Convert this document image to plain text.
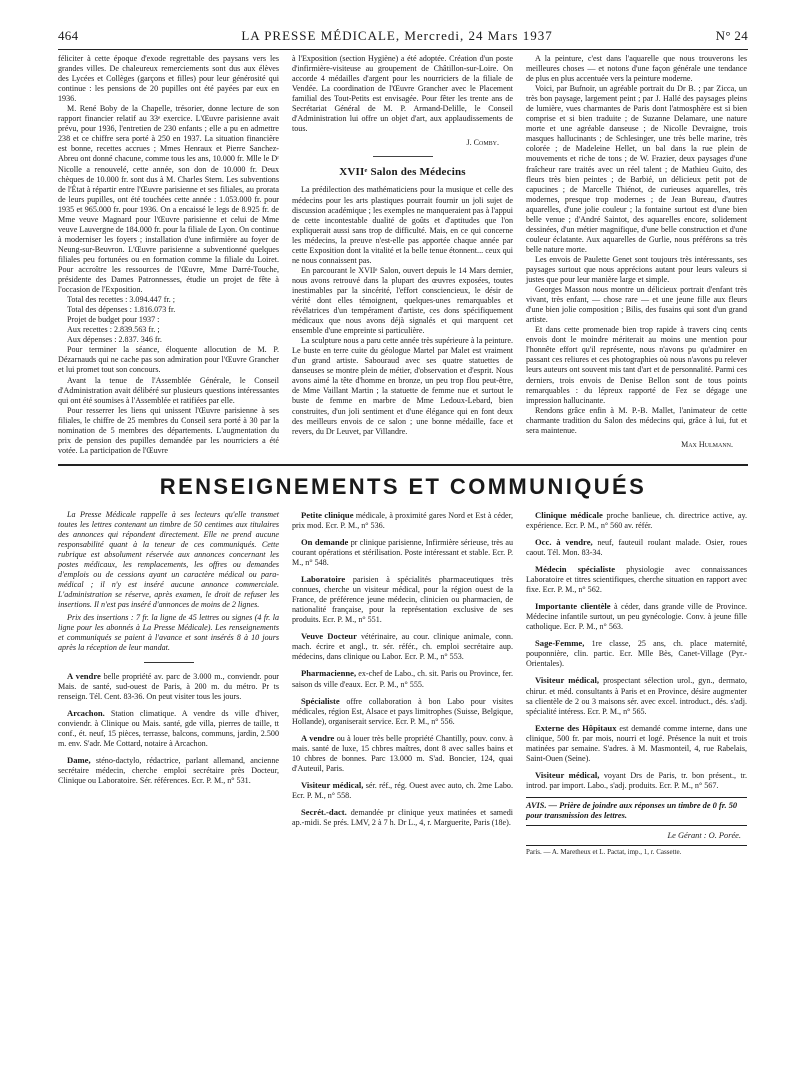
464	LA PRESSE MÉDICALE, Mercredi, 24 Mars 1937	N° 24

féliciter à cette époque d'exode regrettable des paysans vers les grandes villes. De chaleureux remerciements sont dus aux élèves des Lycées et Collèges (garçons et filles) pour leur générosité qui continue : les pensions de 20 pupilles ont été payées par eux en 1936.

M. René Boby de la Chapelle, trésorier, donne lecture de son rapport financier relatif au 33ᵉ exercice. L'Œuvre parisienne avait prévu, pour 1936, l'entretien de 230 enfants ; elle a pu en admettre 238 et ce chiffre sera porté à 250 en 1937. La situation financière est bonne, recettes accrues ; Mmes Henraux et Pierre Sanchez-Abreu ont donné chacune, comme tous les ans, 10.000 fr. Mlle le Dʳ Nicolle a renouvelé, cette année, son don de 10.000 fr. Deux chèques de 10.000 fr. sont dus à M. Charles Stern. Les subventions de l'État à répartir entre l'Œuvre parisienne et ses filiales, au prorata de leurs pupilles, ont été touchées cette année : 1.053.000 fr. pour 1935 et 965.000 fr. pour 1936. On a encaissé le legs de 8.925 fr. de Mme veuve Magnard pour l'Œuvre parisienne et celui de Mme veuve Lauvergne de 184.000 fr. pour la filiale de Lyon. On continue à moderniser les foyers ; installation d'une infirmière au foyer de Neung-sur-Beuvron. L'Œuvre parisienne a subventionné quelques filiales peu fortunées ou en formation comme la filiale du Loiret. Pour accroître les ressources de l'Œuvre, Mme Darré-Touche, présidente des Dames Patronnesses, étudie un projet de fête à l'occasion de l'Exposition.

Total des recettes : 3.094.447 fr. ;

Total des dépenses : 1.816.073 fr.

Projet de budget pour 1937 :

Aux recettes : 2.839.563 fr. ;

Aux dépenses : 2.837. 346 fr.

Pour terminer la séance, éloquente allocution de M. P. Dézarnauds qui ne cache pas son admiration pour l'Œuvre Grancher et lui promet tout son concours.

Avant la tenue de l'Assemblée Générale, le Conseil d'Administration avait délibéré sur plusieurs questions intéressantes qui ont été soumises à l'Assemblée et ratifiées par elle.

Pour resserrer les liens qui unissent l'Œuvre parisienne à ses filiales, le chiffre de 25 membres du Conseil sera porté à 30 par la nomination de 5 membres des départements. L'augmentation du prix de pension des pupilles demandée par les nourriciers a été votée. La participation de l'Œuvre

à l'Exposition (section Hygiène) a été adoptée. Création d'un poste d'infirmière-visiteuse au groupement de Châtillon-sur-Loire. On accorde 4 médailles d'argent pour les nourriciers de la filiale de Vendée. La coordination de l'Œuvre Grancher avec le Placement familial des Tout-Petits est envisagée. Pour fêter les trente ans de Secrétariat Général de M. P. Armand-Delille, le Conseil d'Administration lui offre un objet d'art, aux applaudissements de tous.

J. Comby.
XVIIᵉ Salon des Médecins

La prédilection des mathématiciens pour la musique et celle des médecins pour les arts plastiques pourrait fournir un joli sujet de discussion académique ; les exemples ne manqueraient pas à l'appui de cette incontestable dualité de goûts et d'aptitudes que l'on expliquerait aussi sans trop de difficulté. Mais, en ce qui concerne les médecins, la preuve n'est-elle pas apportée chaque année par cette Exposition dont la vitalité et la belle tenue étonnent... ceux qui ne nous connaissent pas.

En parcourant le XVIIᵉ Salon, ouvert depuis le 14 Mars dernier, nous avons retrouvé dans la plupart des œuvres exposées, toutes inestimables par la sincérité, l'effort consciencieux, le désir de vérité dont elles témoignent, quelques-unes remarquables et révélatrices d'un tempérament d'artiste, ces dons spécifiquement médicaux que nous avons déjà signalés et qui marquent cet ensemble d'une empreinte si particulière.

La sculpture nous a paru cette année très supérieure à la peinture. Le buste en terre cuite du géologue Martel par Malet est vraiment d'un grand artiste. Sabouraud avec ses quatre statuettes de danseuses se montre plein de métier, d'observation et d'esprit. Nous avons aimé la tête d'homme en bronze, un peu trop flou peut-être, de Mme Vaillant Martin ; la statuette de femme nue et surtout le buste de femme en marbre de Mme Ledoux-Lebard, bien construites, d'un joli sentiment et d'une élégance qui en font deux des meilleurs envois de ce salon ; une bonne médaille, face et revers, du Dr Leuvet, par Villandre.

A la peinture, c'est dans l'aquarelle que nous trouverons les meilleures choses — et notons d'une façon générale une tendance de plus en plus accentuée vers la peinture moderne.

Voici, par Bufnoir, un agréable portrait du Dr B. ; par Zicca, un très bon paysage, largement peint ; par J. Hallé des paysages pleins de lumière, vues charmantes de Paris dont l'atmosphère est si bien comprise et si bien traduite ; de Suzanne Delamare, une nature morte et une agréable danseuse ; de Nicolle Devraigne, trois masques hallucinants ; de Schlesinger, une très belle marine, très colorée ; de Madeleine Hellet, un bal dans la rue plein de mouvements et riche de tons ; de W. Frazier, deux paysages d'une fraîcheur rare traités avec un réel talent ; de Mathieu Guito, des fleurs très bien peintes ; de Barbié, un délicieux petit pot de capucines ; de Marcelle Thiénot, de curieuses aquarelles, très modernes, presque trop modernes ; de Jean Bureau, d'autres aquarelles, d'une jolie couleur ; la fontaine surtout est d'une bien belle venue ; d'André Saintot, des aquarelles encore, solidement dessinées, d'un métier magnifique, d'une belle construction et d'une couleur éclatante. Aux aquarelles de Gurlie, nous préférons sa très belle nature morte.

Les envois de Paulette Genet sont toujours très intéressants, ses paysages surtout que nous apprécions autant pour leurs valeurs si justes que pour leur manière large et simple.

Georges Masson nous montre un délicieux portrait d'enfant très vivant, très enfant, — chose rare — et une jeune fille aux fleurs d'une bien jolie composition ; Bilis, des fusains qui sont d'un grand artiste.

Et dans cette promenade bien trop rapide à travers cinq cents envois dont le moindre mériterait au moins une mention pour l'honnête effort qu'il représente, nous n'avons pu qu'admirer en passant ces reliures et ces photographies où nous n'avons pu relever leurs auteurs ont souvent mis tant d'art et de personnalité. Parmi ces derniers, trois envois de Denise Bellon sont de tous points remarquables : du lépreux rapporté de Fez se dégage une impression hallucinante.

Rendons grâce enfin à M. P.-B. Mallet, l'animateur de cette charmante tradition du Salon des médecins qui, grâce à lui, fut et sera maintenue.

Max Hulmann.
RENSEIGNEMENTS ET COMMUNIQUÉS

La Presse Médicale rappelle à ses lecteurs qu'elle transmet toutes les lettres contenant un timbre de 50 centimes aux titulaires des annonces qui répondent directement. Elle ne prend aucune responsabilité quant à la teneur de ces communiqués. Cette rubrique est absolument réservée aux annonces concernant les postes médicaux, les remplacements, les offres ou demandes d'emplois ou de cessions ayant un caractère médical ou para-médical ; il n'y est inséré aucune annonce commerciale. L'administration se réserve, après examen, le droit de refuser les insertions. Il n'est pas inséré d'annonces de moins de 2 lignes.

Prix des insertions : 7 fr. la ligne de 45 lettres ou signes (4 fr. la ligne pour les abonnés à La Presse Médicale). Les renseignements et communiqués se paient à l'avance et sont insérés 8 à 10 jours après la réception de leur mandat.

A vendre belle propriété av. parc de 3.000 m., conviendr. pour Mais. de santé, sud-ouest de Paris, à 200 m. du métro. Pr ts renseign. Tél. Cent. 83-36. On peut visiter tous les jours.
Arcachon. Station climatique. A vendre ds ville d'hiver, conviendr. à Clinique ou Mais. santé, gde villa, pierres de taille, tt conf., ét. neuf, 15 pièces, terrasse, balcons, communs, jardin, 2.500 m. env. S'adr. Me Cottard, notaire à Arcachon.
Dame, sténo-dactylo, rédactrice, parlant allemand, ancienne secrétaire médecin, cherche emploi secrétaire près Docteur, Clinique ou Laboratoire. Sér. références. Ecr. P. M., n° 531.
Petite clinique médicale, à proximité gares Nord et Est à céder, prix mod. Ecr. P. M., n° 536.
On demande pr clinique parisienne, Infirmière sérieuse, très au courant opérations et stérilisation. Poste intéressant et stable. Ecr. P. M., n° 548.
Laboratoire parisien à spécialités pharmaceutiques très connues, cherche un visiteur médical, pour la région ouest de la France, de préférence jeune médecin, clinicien ou pharmacien, de nationalité française, pour la représentation exclusive de ses produits. Ecr. P. M., n° 551.
Veuve Docteur vétérinaire, au cour. clinique animale, conn. mach. écrire et angl., tr. sér. référ., ch. emploi secrétaire aup. médecins, dans clinique ou Labor. Ecr. P. M., n° 553.
Pharmacienne, ex-chef de Labo., ch. sit. Paris ou Province, fer. saison ds ville d'eaux. Ecr. P. M., n° 555.
Spécialiste offre collaboration à bon Labo pour visites médicales, région Est, Alsace et pays limitrophes (Suisse, Belgique, Hollande), organiserait service. Ecr. P. M., n° 556.
A vendre ou à louer très belle propriété Chantilly, pouv. conv. à mais. santé de luxe, 15 chbres maîtres, dont 8 avec salles bains et 10 chbres de bonnes. Parc 13.000 m. S'ad. Boncier, 124, quai d'Auteuil, Paris.
Visiteur médical, sér. réf., rég. Ouest avec auto, ch. 2me Labo. Ecr. P. M., n° 558.
Secrét.-dact. demandée pr clinique yeux matinées et samedi ap.-midi. Se prés. LMV, 2 à 7 h. Dr L., 4, r. Marguerite, Paris (18e).
Clinique médicale proche banlieue, ch. directrice active, ay. expérience. Ecr. P. M., n° 560 av. référ.
Occ. à vendre, neuf, fauteuil roulant malade. Osier, roues caout. Tél. Mon. 83-34.
Médecin spécialiste physiologie avec connaissances Laboratoire et titres scientifiques, cherche situation en rapport avec fixe. Ecr. P. M., n° 562.
Importante clientèle à céder, dans grande ville de Province. Médecine infantile surtout, un peu gynécologie. Conv. à jeune fille catholique. Ecr. P. M., n° 563.
Sage-Femme, 1re classe, 25 ans, ch. place maternité, pouponnière, clin. partic. Ecr. Mlle Bès, Canet-Village (Pyr.-Orientales).
Visiteur médical, prospectant sélection urol., gyn., dermato, chirur. et méd. consultants à Paris et en Province, désire augmenter sa clientèle de 2 ou 3 maisons sér. avec excel. introduct., dés. s'adj. spécialité intéress. Ecr. P. M., n° 565.
Externe des Hôpitaux est demandé comme interne, dans une clinique, 500 fr. par mois, nourri et logé. Présence la nuit et trois matinées par semaine. S'adres. à M. Masmonteil, 4, rue Rabelais, Saint-Ouen (Seine).
Visiteur médical, voyant Drs de Paris, tr. bon présent., tr. introd. par import. Labo., s'adj. produits. Ecr. P. M., n° 567.
AVIS. — Prière de joindre aux réponses un timbre de 0 fr. 50 pour transmission des lettres.
Le Gérant : O. Porée.
Paris. — A. Maretheux et L. Pactat, imp., 1, r. Cassette.
